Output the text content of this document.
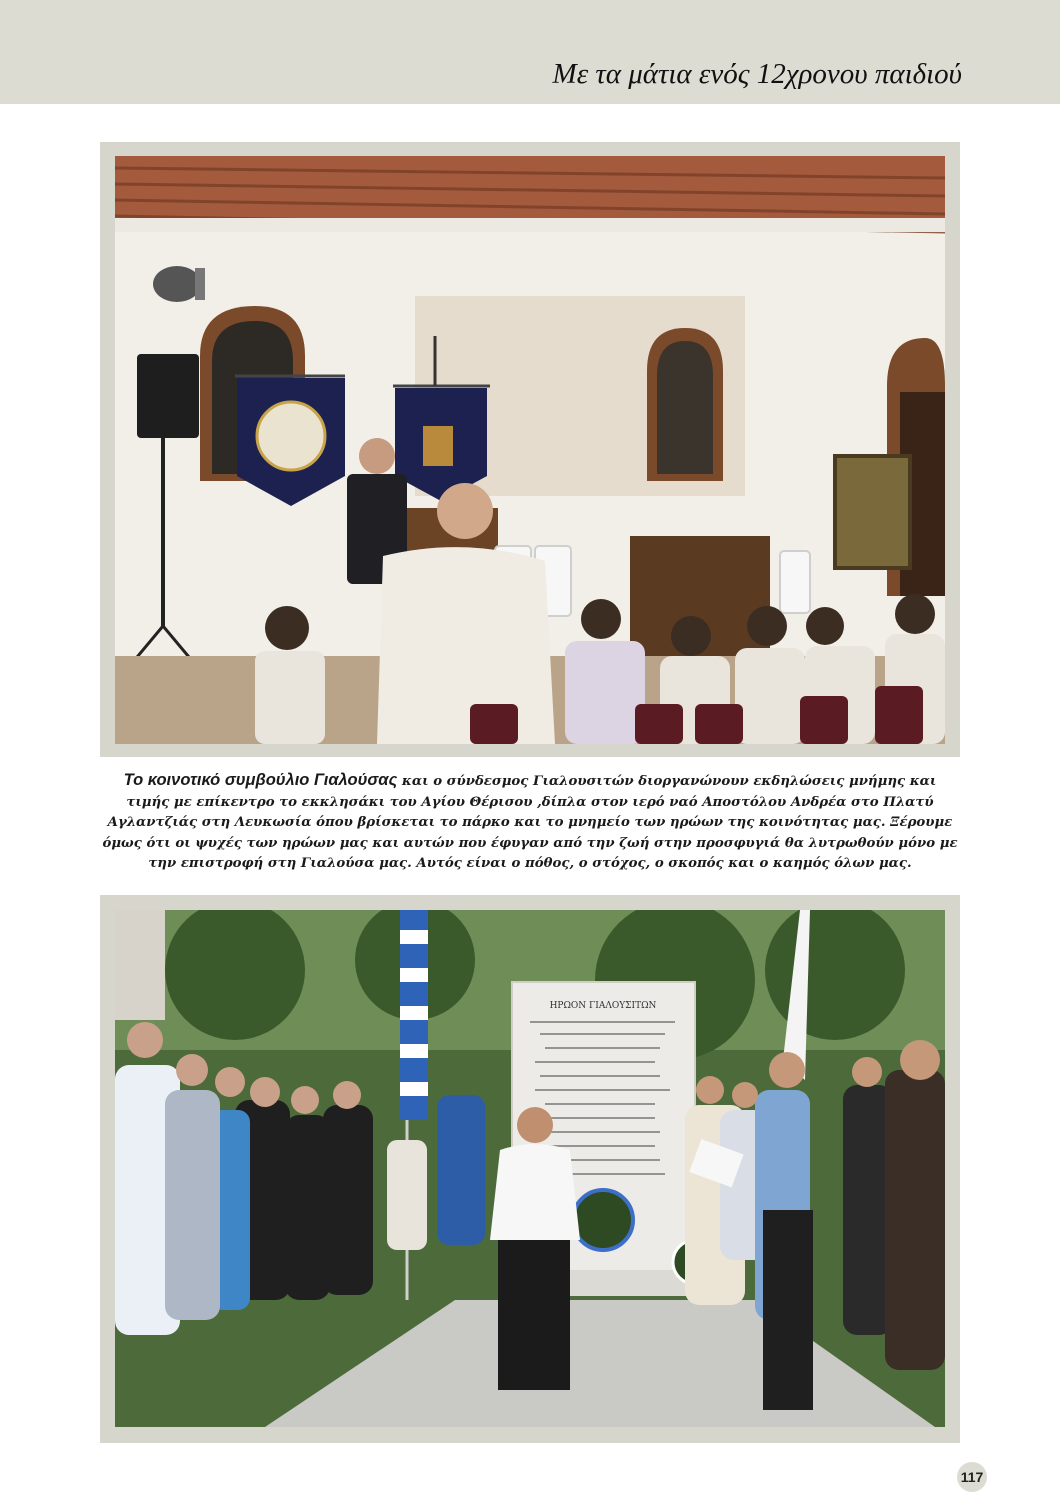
Με τα μάτια ενός 12χρονου παιδιού
Το κοινοτικό συμβούλιο Γιαλούσας και ο σύνδεσμος Γιαλουσιτών διοργανώνουν εκδηλώσεις μνήμης και τιμής με επίκεντρο το εκκλησάκι του Αγίου Θέρισου ,δίπλα στον ιερό ναό Αποστόλου Ανδρέα στο Πλατύ Αγλαντζιάς στη Λευκωσία όπου βρίσκεται το πάρκο και το μνημείο των ηρώων της κοινότητας μας. Ξέρουμε όμως ότι οι ψυχές των ηρώων μας και αυτών που έφυγαν από την ζωή στην προσφυγιά θα λυτρωθούν μόνο με την επιστροφή στη Γιαλούσα μας. Αυτός είναι ο πόθος, ο στόχος, ο σκοπός και ο καημός όλων μας.
ΗΡΩΟΝ ΓΙΑΛΟΥΣΙΤΩΝ
117
